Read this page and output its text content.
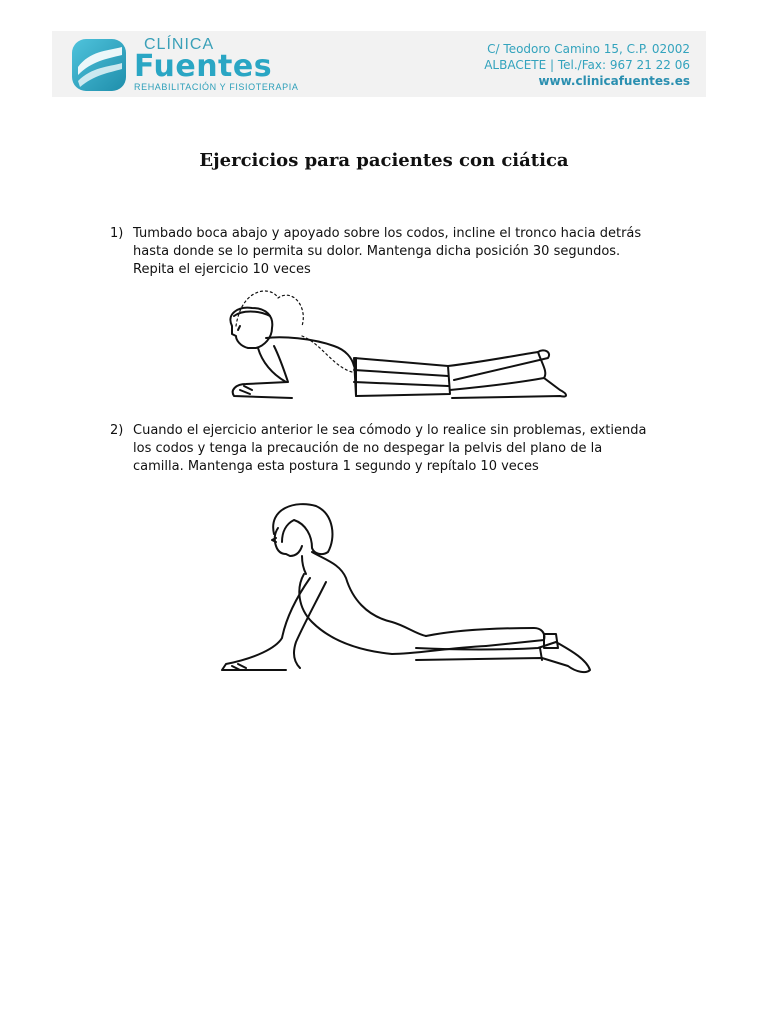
CLÍNICA
Fuentes
REHABILITACIÓN Y FISIOTERAPIA
C/ Teodoro Camino 15, C.P. 02002
ALBACETE | Tel./Fax: 967 21 22 06
www.clinicafuentes.es
Ejercicios para pacientes con ciática
1) Tumbado boca abajo y apoyado sobre los codos, incline el tronco hacia detrás hasta donde se lo permita su dolor. Mantenga dicha posición 30 segundos. Repita el ejercicio 10 veces
2) Cuando el ejercicio anterior le sea cómodo y lo realice sin problemas, extienda los codos y tenga la precaución de no despegar la pelvis del plano de la camilla. Mantenga esta postura 1 segundo y repítalo 10 veces
